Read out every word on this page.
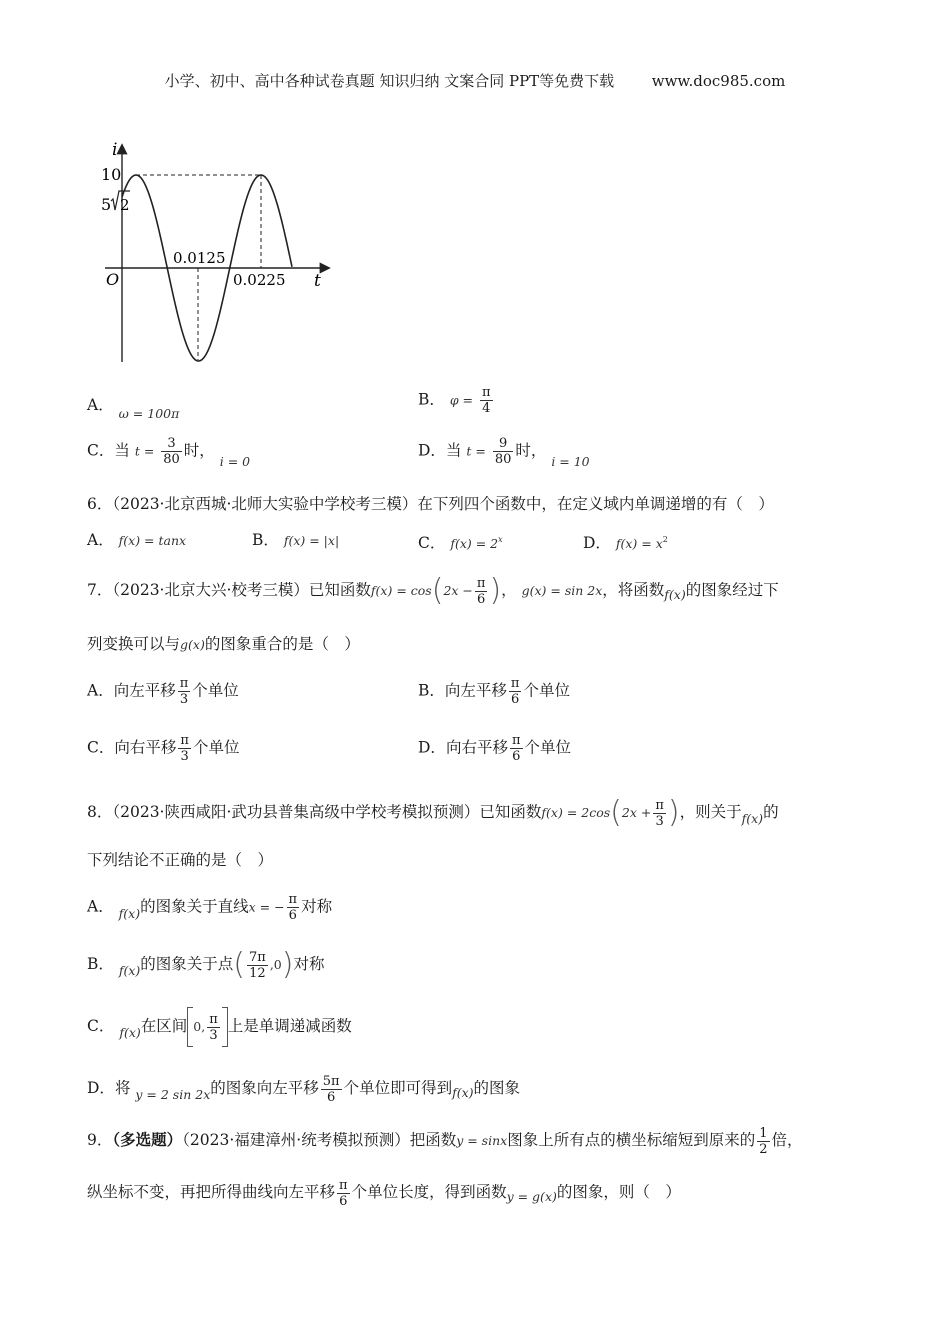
小学、初中、高中各种试卷真题 知识归纳 文案合同 PPT等免费下载	www.doc985.com
i
t
O
10
5 2
0.0125
0.0225
A． $_{\omega = 100\pi}$
B． $\varphi = \frac{\pi}{4}$
C．当 $t = \frac{3}{80}$ 时， $_{i = 0}$
D．当 $t = \frac{9}{80}$ 时， $_{i = 10}$
6．（2023·北京西城·北师大实验中学校考三模）在下列四个函数中，在定义域内单调递增的有（　）
A． f(x) = tanx	B． f(x) = |x|	C． $f(x) = 2^x$	D． $f(x) = x^2$
7．（2023·北京大兴·校考三模）已知函数$f(x) = \cos(2x - \frac{\pi}{6}$ )， g(x) = sin 2x，将函数$_{f(x)}$的图象经过下
列变换可以与g(x)的图象重合的是（　）
A．向左平移 $\frac{\pi}{3}$ 个单位	B．向左平移 $\frac{\pi}{6}$ 个单位
C．向右平移 $\frac{\pi}{3}$ 个单位	D．向右平移 $\frac{\pi}{6}$ 个单位
8．（2023·陕西咸阳·武功县普集高级中学校考模拟预测）已知函数$f(x) = 2\cos(2x + \frac{\pi}{3}$ )，则关于$_{f(x)}$的
下列结论不正确的是（　）
A． $_{f(x)}$的图象关于直线x = − $\frac{\pi}{6}$ 对称
B． $_{f(x)}$的图象关于点( $\frac{7\pi}{12} ,0$)对称
C． $_{f(x)}$在区间 0, $\frac{\pi}{3}$ 上是单调递减函数
D．将 $_{y = 2 sin 2x}$的图象向左平移 $\frac{5\pi}{6}$ 个单位即可得到$_{f(x)}$的图象
9．（多选题）（2023·福建漳州·统考模拟预测）把函数y = sinx图象上所有点的横坐标缩短到原来的 $\frac{1}{2}$ 倍，
纵坐标不变，再把所得曲线向左平移 $\frac{\pi}{6}$ 个单位长度，得到函数$_{y = g(x)}$的图象，则（　）
